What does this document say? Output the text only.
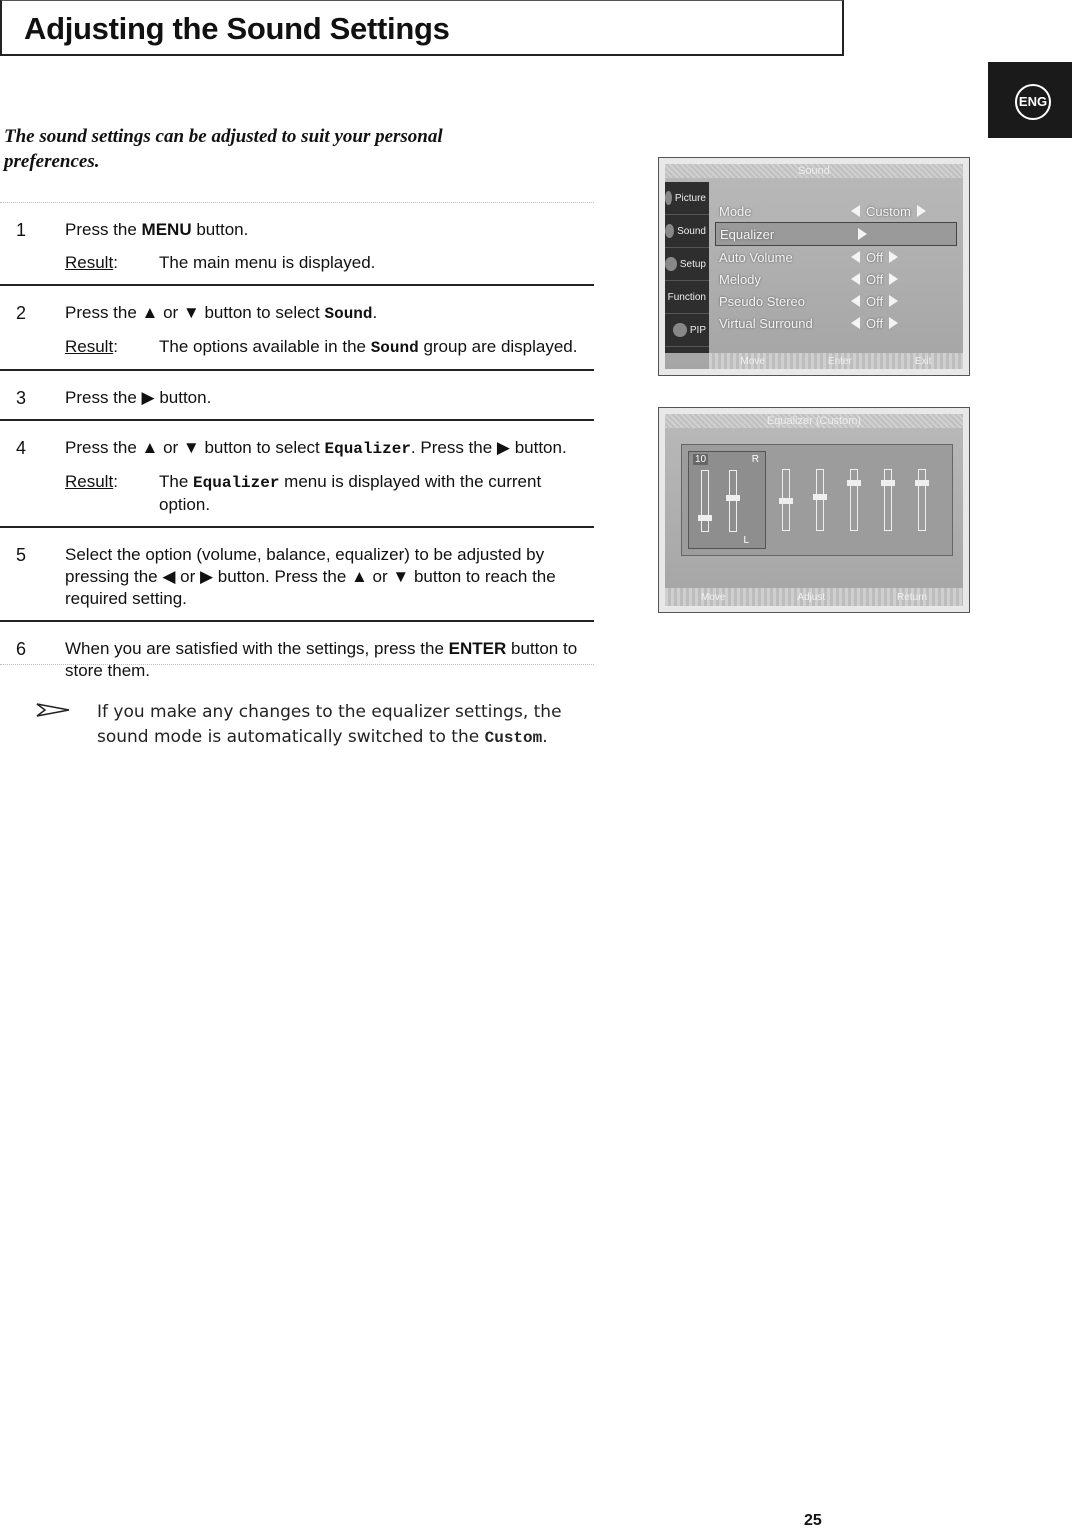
Adjusting the Sound Settings
ENG
The sound settings can be adjusted to suit your personal preferences.
1 Press the MENU button.

Result:	The main menu is displayed.
2 Press the ▲ or ▼ button to select Sound.

Result:	The options available in the Sound group are displayed.
3 Press the ▶ button.

4 Press the ▲ or ▼ button to select Equalizer. Press the ▶ button.

Result:	The Equalizer menu is displayed with the current option.
5 Select the option (volume, balance, equalizer) to be adjusted by pressing the ◀ or ▶ button. Press the ▲ or ▼ button to reach the required setting.

6 When you are satisfied with the settings, press the ENTER button to store them.

If you make any changes to the equalizer settings, the sound mode is automatically switched to the Custom.
Sound
Picture
Sound
Setup
Function
PIP
Mode	Custom
Equalizer
Auto Volume	Off
Melody	Off
Pseudo Stereo	Off
Virtual Surround	Off
Move	Enter	Exit
Equalizer (Custom)
10	R
L
Move	Adjust	Return
25
